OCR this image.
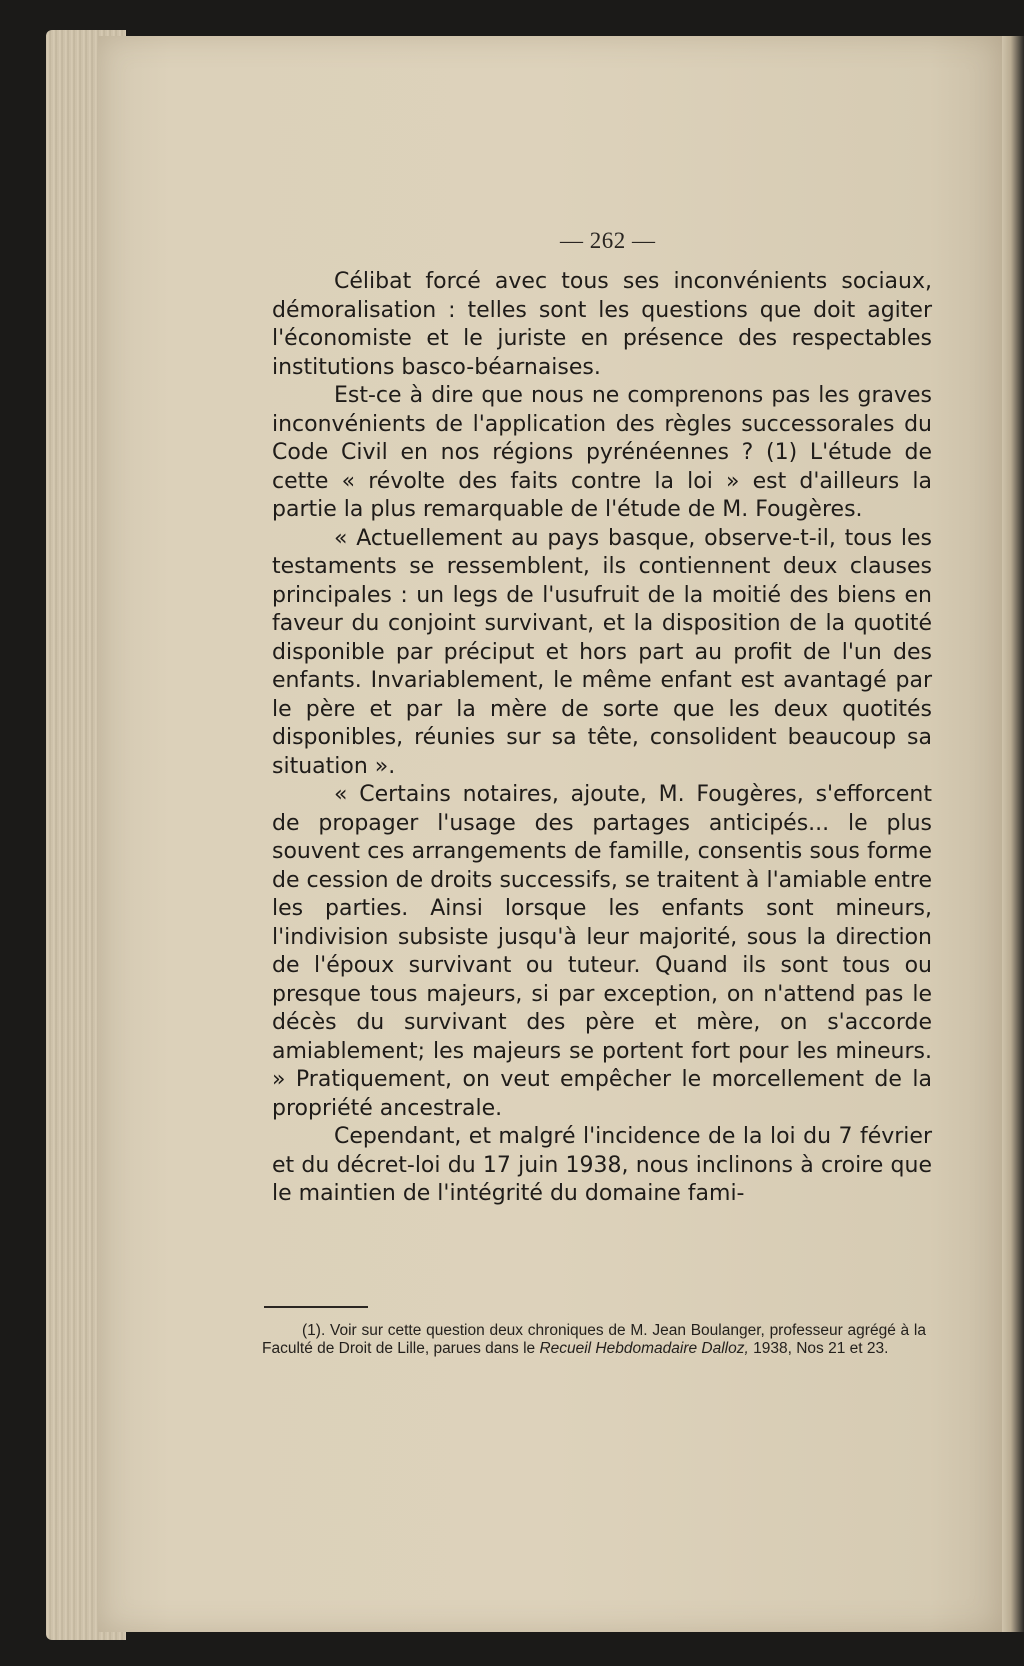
— 262 —

Célibat forcé avec tous ses inconvénients sociaux, démoralisation : telles sont les questions que doit agiter l'économiste et le juriste en présence des respectables institutions basco-béarnaises.

Est-ce à dire que nous ne comprenons pas les graves inconvénients de l'application des règles successorales du Code Civil en nos régions pyrénéennes ? (1) L'étude de cette « révolte des faits contre la loi » est d'ailleurs la partie la plus remarquable de l'étude de M. Fougères.

« Actuellement au pays basque, observe-t-il, tous les testaments se ressemblent, ils contiennent deux clauses principales : un legs de l'usufruit de la moitié des biens en faveur du conjoint survivant, et la disposition de la quotité disponible par préciput et hors part au profit de l'un des enfants. Invariablement, le même enfant est avantagé par le père et par la mère de sorte que les deux quotités disponibles, réunies sur sa tête, consolident beaucoup sa situation ».

« Certains notaires, ajoute, M. Fougères, s'efforcent de propager l'usage des partages anticipés... le plus souvent ces arrangements de famille, consentis sous forme de cession de droits successifs, se traitent à l'amiable entre les parties. Ainsi lorsque les enfants sont mineurs, l'indivision subsiste jusqu'à leur majorité, sous la direction de l'époux survivant ou tuteur. Quand ils sont tous ou presque tous majeurs, si par exception, on n'attend pas le décès du survivant des père et mère, on s'accorde amiablement; les majeurs se portent fort pour les mineurs. » Pratiquement, on veut empêcher le morcellement de la propriété ancestrale.

Cependant, et malgré l'incidence de la loi du 7 février et du décret-loi du 17 juin 1938, nous inclinons à croire que le maintien de l'intégrité du domaine fami-

(1). Voir sur cette question deux chroniques de M. Jean Boulanger, professeur agrégé à la Faculté de Droit de Lille, parues dans le Recueil Hebdomadaire Dalloz, 1938, Nos 21 et 23.
